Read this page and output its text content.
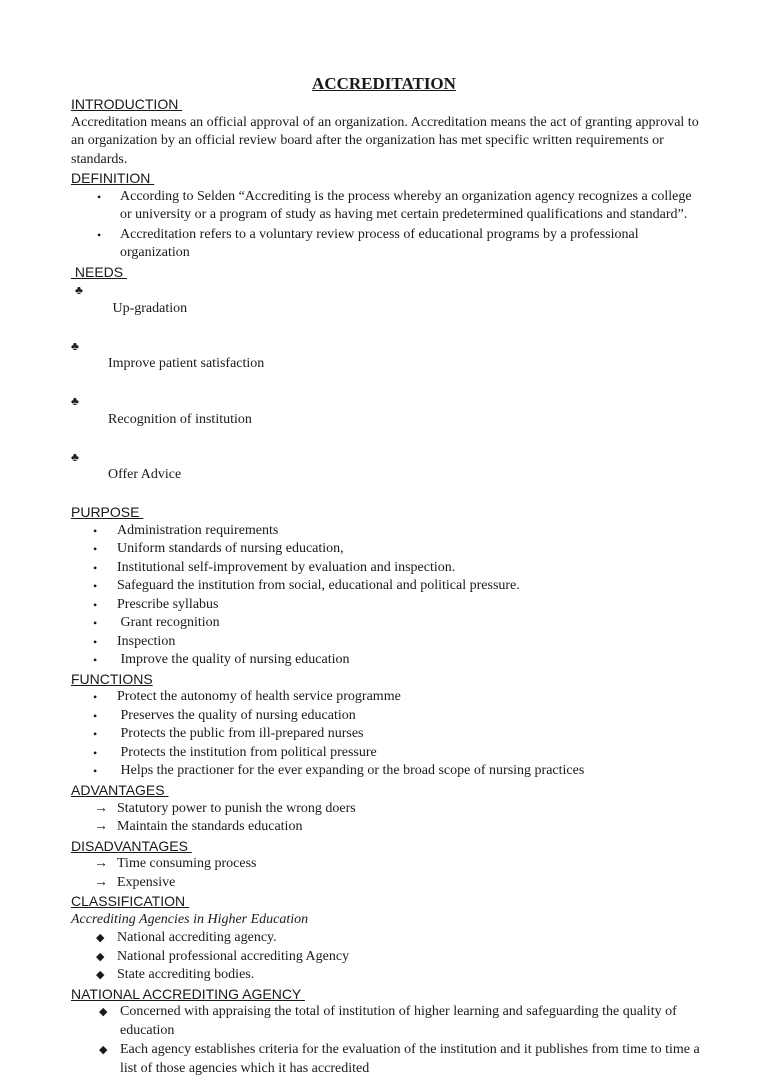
ACCREDITATION
INTRODUCTION

Accreditation means an official approval of an organization. Accreditation means the act of granting approval to an organization by an official review board after the organization has met specific written requirements or standards.

DEFINITION
• According to Selden “Accrediting is the process whereby an organization agency recognizes a college or university or a program of study as having met certain predetermined qualifications and standard”.
• Accreditation refers to a voluntary review process of educational programs by a professional organization
NEEDS

♣
Up-gradation

♣
Improve patient satisfaction

♣
Recognition of institution

♣
Offer Advice

PURPOSE
• Administration requirements
• Uniform standards of nursing education,
• Institutional self-improvement by evaluation and inspection.
• Safeguard the institution from social, educational and political pressure.
• Prescribe syllabus
• Grant recognition
• Inspection
• Improve the quality of nursing education
FUNCTIONS
• Protect the autonomy of health service programme
• Preserves the quality of nursing education
• Protects the public from ill-prepared nurses
• Protects the institution from political pressure
• Helps the practioner for the ever expanding or the broad scope of nursing practices
ADVANTAGES
→ Statutory power to punish the wrong doers
→ Maintain the standards education
DISADVANTAGES
→ Time consuming process
→ Expensive
CLASSIFICATION
Accrediting Agencies in Higher Education
◆ National accrediting agency.
◆ National professional accrediting Agency
◆ State accrediting bodies.
NATIONAL ACCREDITING AGENCY
◆ Concerned with appraising the total of institution of higher learning and safeguarding the quality of education
◆ Each agency establishes criteria for the evaluation of the institution and it publishes from time to time a list of those agencies which it has accredited
